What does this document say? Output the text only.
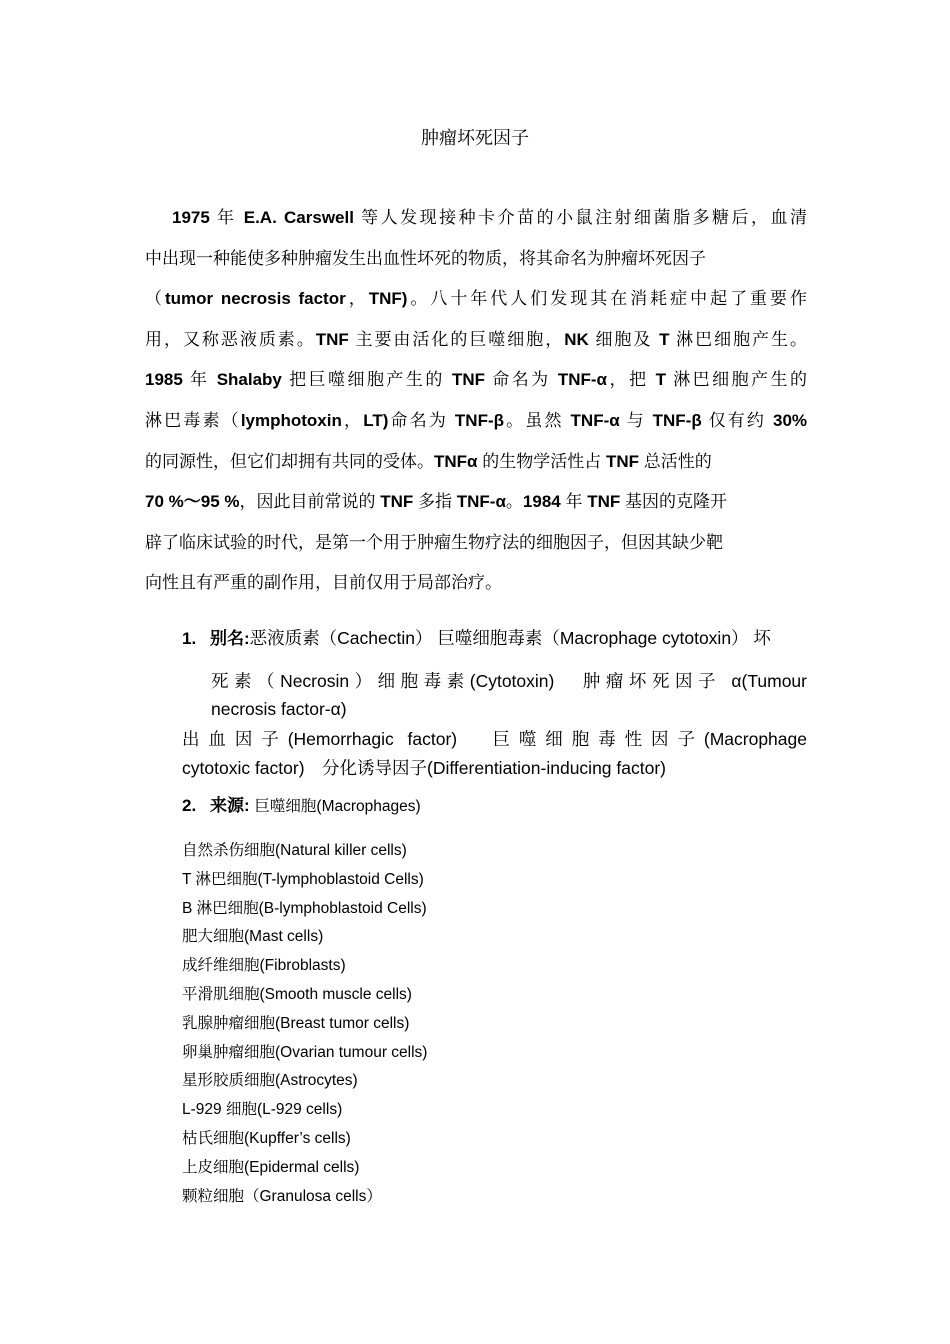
肿瘤坏死因子
1975 年 E.A. Carswell 等人发现接种卡介苗的小鼠注射细菌脂多糖后，血清
中出现一种能使多种肿瘤发生出血性坏死的物质，将其命名为肿瘤坏死因子
（tumor necrosis factor，TNF)。八十年代人们发现其在消耗症中起了重要作
用，又称恶液质素。TNF 主要由活化的巨噬细胞，NK 细胞及 T 淋巴细胞产生。
1985 年 Shalaby 把巨噬细胞产生的 TNF 命名为 TNF-α，把 T 淋巴细胞产生的
淋巴毒素（lymphotoxin，LT)命名为 TNF-β。虽然 TNF-α 与 TNF-β 仅有约 30%
的同源性，但它们却拥有共同的受体。TNFα 的生物学活性占 TNF 总活性的
70 %～95 %，因此目前常说的 TNF 多指 TNF-α。1984 年 TNF 基因的克隆开
辟了临床试验的时代，是第一个用于肿瘤生物疗法的细胞因子，但因其缺少靶
向性且有严重的副作用，目前仅用于局部治疗。
1. 别名:恶液质素（Cachectin） 巨噬细胞毒素（Macrophage cytotoxin） 坏
死素（Necrosin）细胞毒素(Cytotoxin)　肿瘤坏死因子 α(Tumour
necrosis factor-α)
出血因子(Hemorrhagic factor)　巨噬细胞毒性因子(Macrophage
cytotoxic factor)　分化诱导因子(Differentiation-inducing factor)
2. 来源: 巨噬细胞(Macrophages)
自然杀伤细胞(Natural killer cells)
T 淋巴细胞(T-lymphoblastoid Cells)
B 淋巴细胞(B-lymphoblastoid Cells)
肥大细胞(Mast cells)
成纤维细胞(Fibroblasts)
平滑肌细胞(Smooth muscle cells)
乳腺肿瘤细胞(Breast tumor cells)
卵巢肿瘤细胞(Ovarian tumour cells)
星形胶质细胞(Astrocytes)
L-929 细胞(L-929 cells)
枯氏细胞(Kupffer’s cells)
上皮细胞(Epidermal cells)
颗粒细胞（Granulosa cells）
